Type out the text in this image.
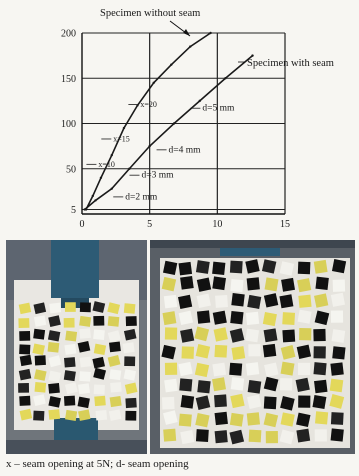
0	5	10	15
5
50
100
150
200
x=20	d=5 mm
x=15
d=4 mm
x=10
d=3 mm
d=2 mm
Specimen without seam
Specimen with seam
x – seam opening at 5N; d- seam opening
